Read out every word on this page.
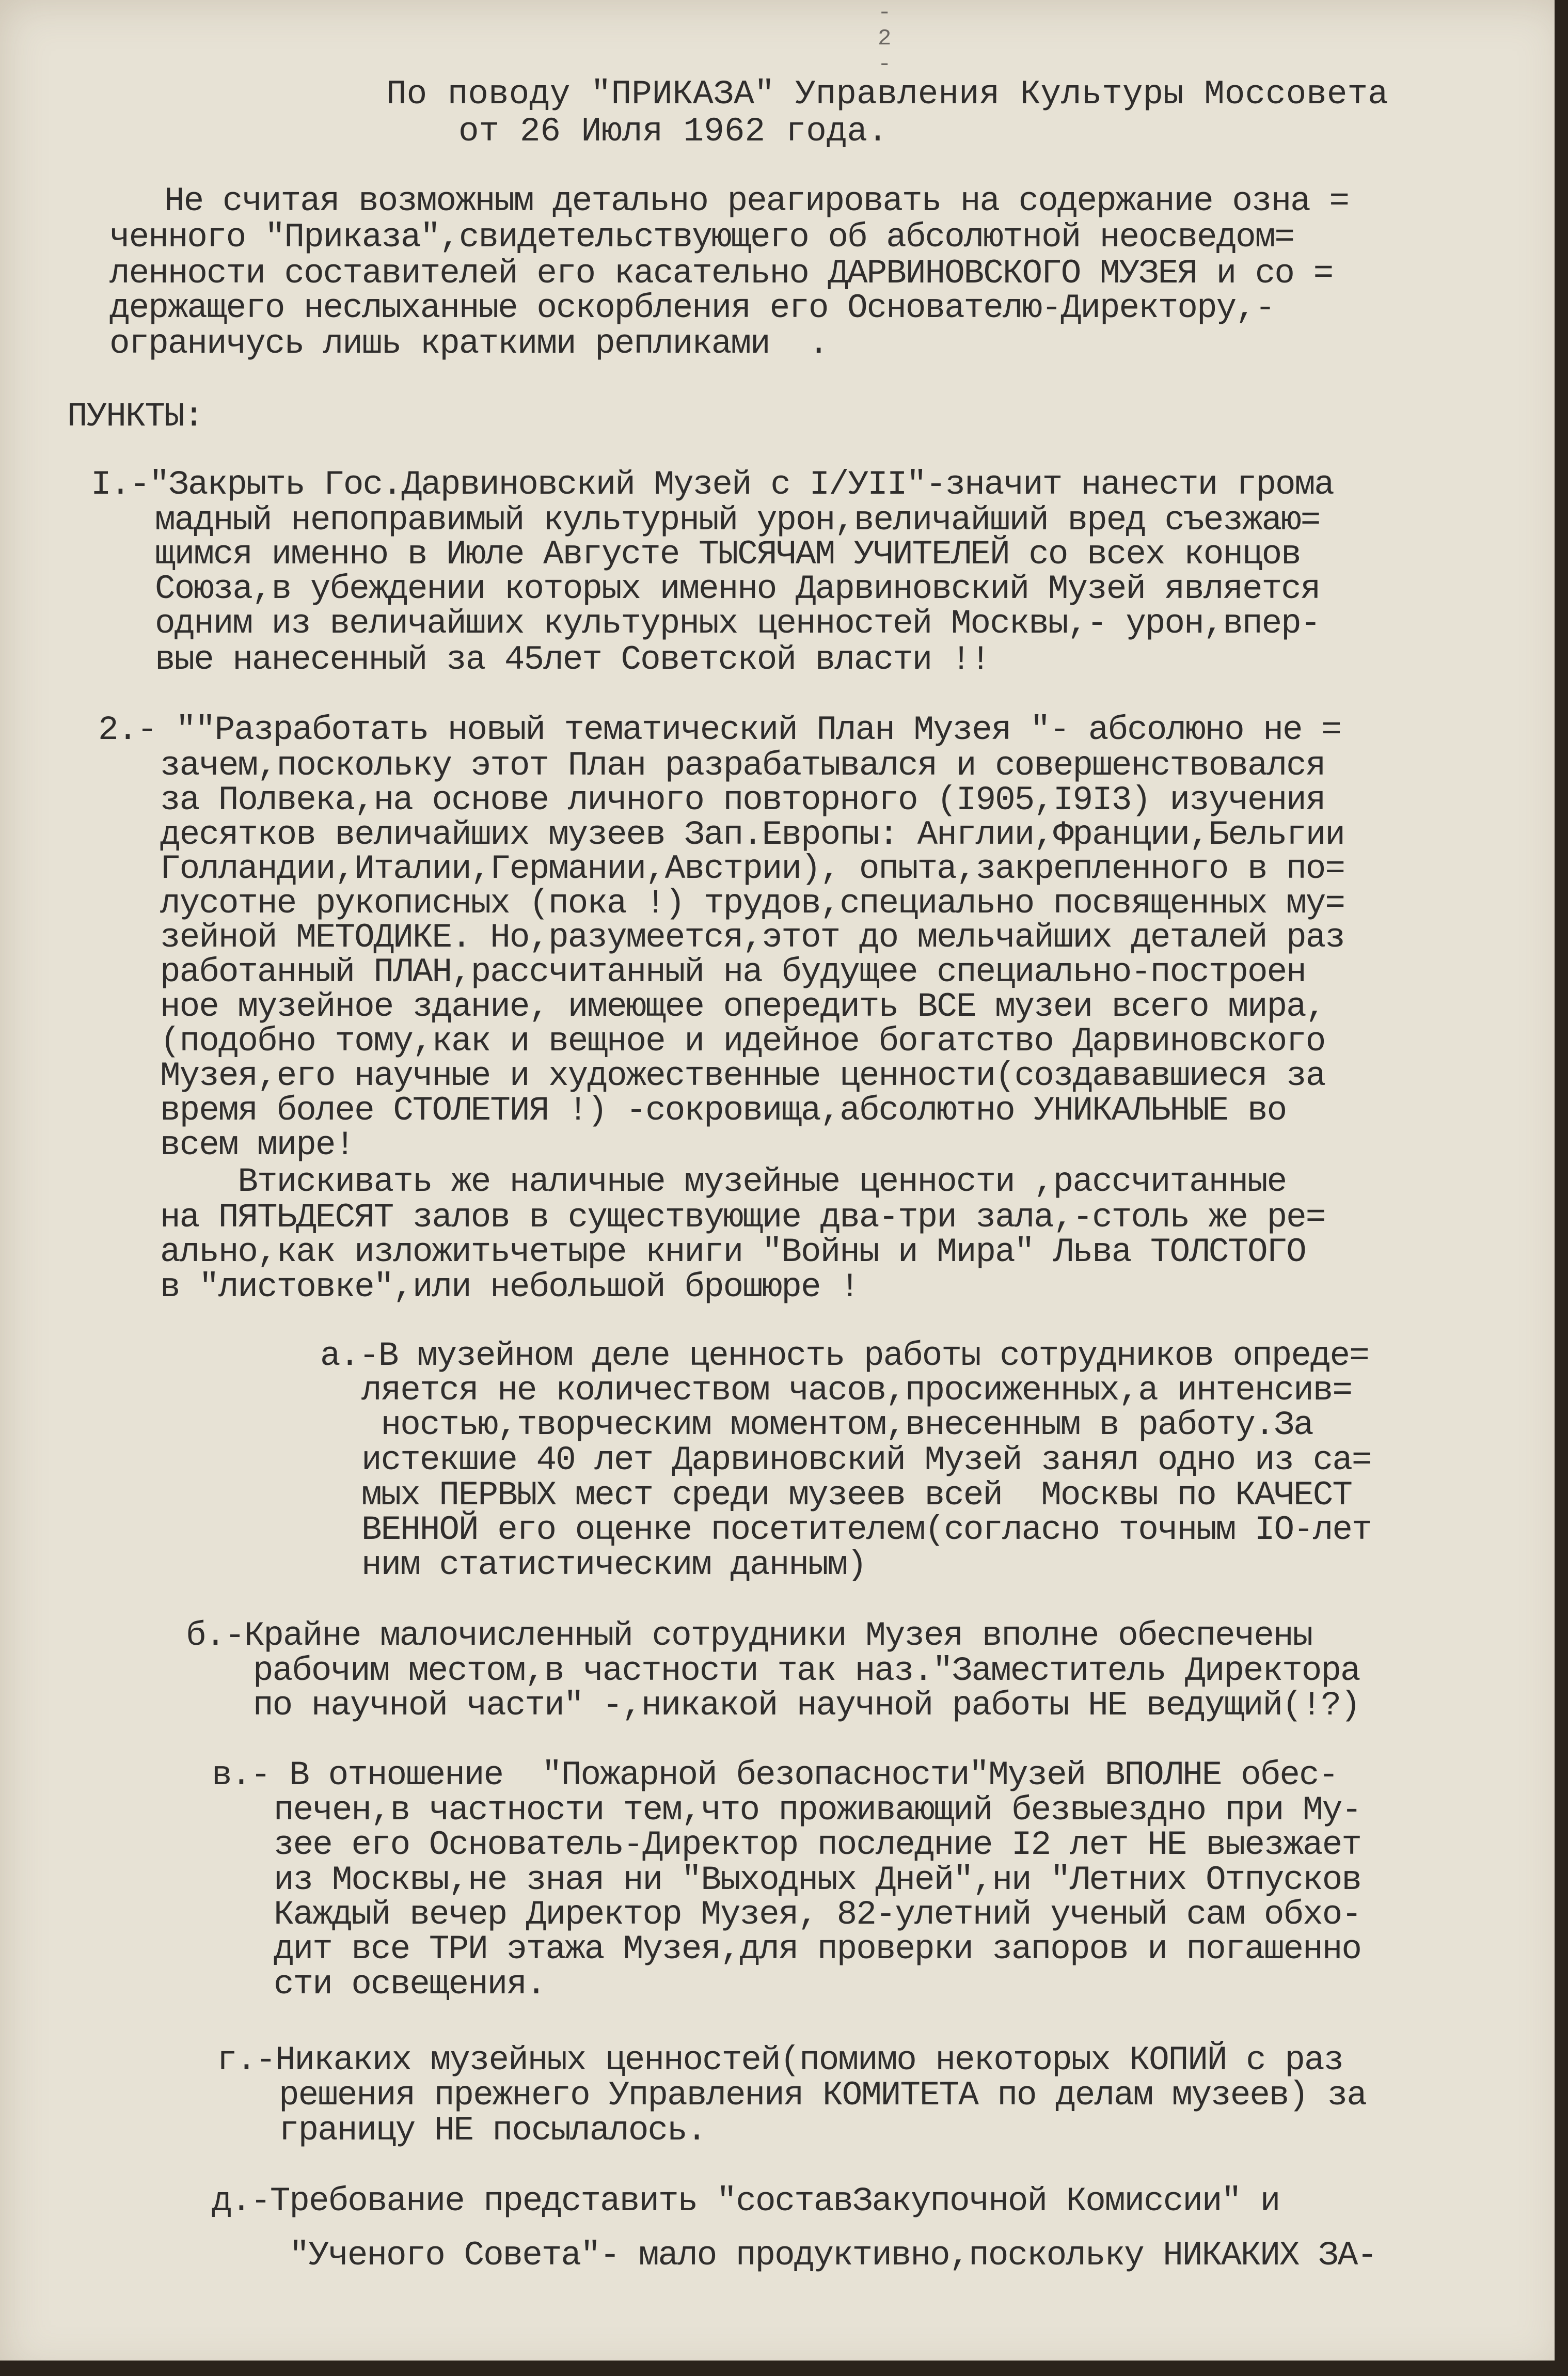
- 2 -
По поводу "ПРИКАЗА" Управления Культуры Моссовета
от 26 Июля 1962 года.
Не считая возможным детально реагировать на содержание озна =
ченного "Приказа",свидетельствующего об абсолютной неосведом=
ленности составителей его касательно ДАРВИНОВСКОГО МУЗЕЯ и со =
держащего неслыханные оскорбления его Основателю-Директору,-
ограничусь лишь краткими репликами  .
ПУНКТЫ:
I.-"Закрыть Гос.Дарвиновский Музей с I/УII"-значит нанести грома
мадный непоправимый культурный урон,величайший вред съезжаю=
щимся именно в Июле Августе ТЫСЯЧАМ УЧИТЕЛЕЙ со всех концов
Союза,в убеждении которых именно Дарвиновский Музей является
одним из величайших культурных ценностей Москвы,- урон,впер-
вые нанесенный за 45лет Советской власти !!
2.- ""Разработать новый тематический План Музея "- абсолюно не =
зачем,поскольку этот План разрабатывался и совершенствовался
за Полвека,на основе личного повторного (I905,I9I3) изучения
десятков величайших музеев Зап.Европы: Англии,Франции,Бельгии
Голландии,Италии,Германии,Австрии), опыта,закрепленного в по=
лусотне рукописных (пока !) трудов,специально посвященных му=
зейной МЕТОДИКЕ. Но,разумеется,этот до мельчайших деталей раз
работанный ПЛАН,рассчитанный на будущее специально-построен
ное музейное здание, имеющее опередить ВСЕ музеи всего мира,
(подобно тому,как и вещное и идейное богатство Дарвиновского
Музея,его научные и художественные ценности(создававшиеся за
время более СТОЛЕТИЯ !) -сокровища,абсолютно УНИКАЛЬНЫЕ во
всем мире!
Втискивать же наличные музейные ценности ,рассчитанные
на ПЯТЬДЕСЯТ залов в существующие два-три зала,-столь же ре=
ально,как изложитьчетыре книги "Войны и Мира" Льва ТОЛСТОГО
в "листовке",или небольшой брошюре !
а.-В музейном деле ценность работы сотрудников опреде=
ляется не количеством часов,просиженных,а интенсив=
ностью,творческим моментом,внесенным в работу.За
истекшие 40 лет Дарвиновский Музей занял одно из са=
мых ПЕРВЫХ мест среди музеев всей  Москвы по КАЧЕСТ
ВЕННОЙ его оценке посетителем(согласно точным IO-лет
ним статистическим данным)
б.-Крайне малочисленный сотрудники Музея вполне обеспечены
рабочим местом,в частности так наз."Заместитель Директора
по научной части" -,никакой научной работы НЕ ведущий(!?)
в.- В отношение  "Пожарной безопасности"Музей ВПОЛНЕ обес-
печен,в частности тем,что проживающий безвыездно при Му-
зее его Основатель-Директор последние I2 лет НЕ выезжает
из Москвы,не зная ни "Выходных Дней",ни "Летних Отпусков
Каждый вечер Директор Музея, 82-улетний ученый сам обхо-
дит все ТРИ этажа Музея,для проверки запоров и погашенно
сти освещения.
г.-Никаких музейных ценностей(помимо некоторых КОПИЙ с раз
решения прежнего Управления КОМИТЕТА по делам музеев) за
границу НЕ посылалось.
д.-Требование представить "составЗакупочной Комиссии" и
"Ученого Совета"- мало продуктивно,поскольку НИКАКИХ ЗА-
